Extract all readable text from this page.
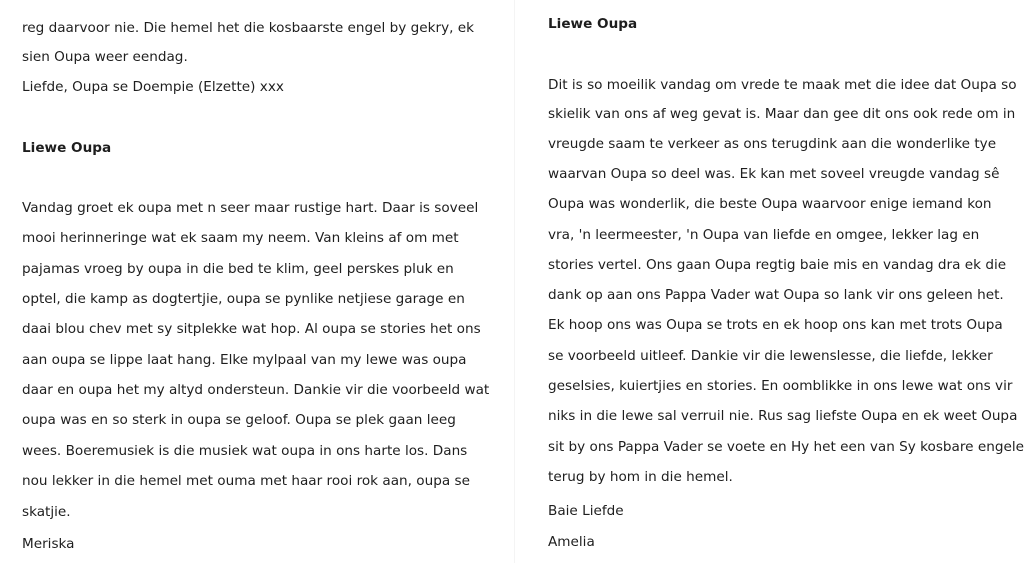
reg daarvoor nie. Die hemel het die kosbaarste engel by gekry, ek
sien Oupa weer eendag.
Liefde, Oupa se Doempie (Elzette) xxx
Liewe Oupa
Vandag groet ek oupa met n seer maar rustige hart. Daar is soveel
mooi herinneringe wat ek saam my neem. Van kleins af om met
pajamas vroeg by oupa in die bed te klim, geel perskes pluk en
optel, die kamp as dogtertjie, oupa se pynlike netjiese garage en
daai blou chev met sy sitplekke wat hop. Al oupa se stories het ons
aan oupa se lippe laat hang. Elke mylpaal van my lewe was oupa
daar en oupa het my altyd ondersteun. Dankie vir die voorbeeld wat
oupa was en so sterk in oupa se geloof. Oupa se plek gaan leeg
wees. Boeremusiek is die musiek wat oupa in ons harte los. Dans
nou lekker in die hemel met ouma met haar rooi rok aan, oupa se
skatjie.
Meriska
Liewe Oupa
Dit is so moeilik vandag om vrede te maak met die idee dat Oupa so
skielik van ons af weg gevat is. Maar dan gee dit ons ook rede om in
vreugde saam te verkeer as ons terugdink aan die wonderlike tye
waarvan Oupa so deel was. Ek kan met soveel vreugde vandag sê
Oupa was wonderlik, die beste Oupa waarvoor enige iemand kon
vra, 'n leermeester, 'n Oupa van liefde en omgee, lekker lag en
stories vertel. Ons gaan Oupa regtig baie mis en vandag dra ek die
dank op aan ons Pappa Vader wat Oupa so lank vir ons geleen het.
Ek hoop ons was Oupa se trots en ek hoop ons kan met trots Oupa
se voorbeeld uitleef. Dankie vir die lewenslesse, die liefde, lekker
geselsies, kuiertjies en stories. En oomblikke in ons lewe wat ons vir
niks in die lewe sal verruil nie. Rus sag liefste Oupa en ek weet Oupa
sit by ons Pappa Vader se voete en Hy het een van Sy kosbare engele
terug by hom in die hemel.
Baie Liefde
Amelia
